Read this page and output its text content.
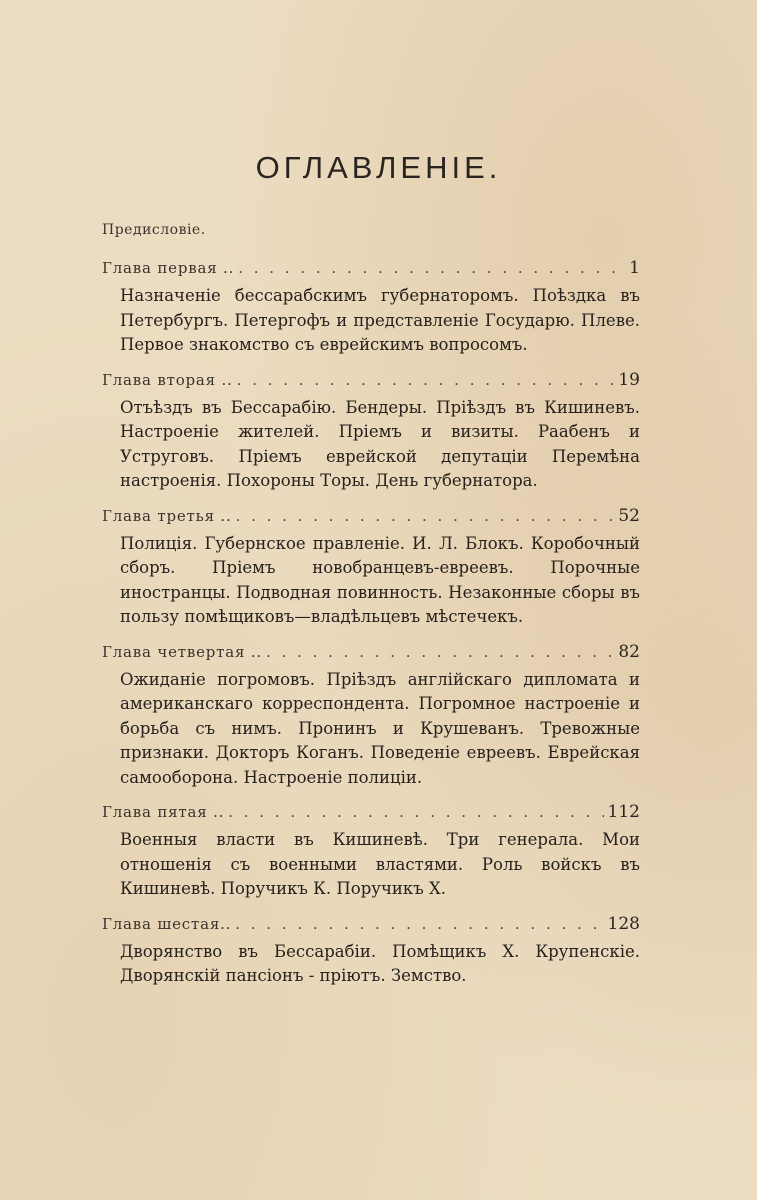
ОГЛАВЛЕНІЕ.
Предисловіе.
Глава первая .. . . .	1
Назначеніе бессарабскимъ губернаторомъ. Поѣздка въ Петербургъ. Петергофъ и представленіе Государю. Плеве. Первое знакомство съ еврейскимъ вопросомъ.
Глава вторая .. . . .	19
Отъѣздъ въ Бессарабію. Бендеры. Пріѣздъ въ Кишиневъ. Настроеніе жителей. Пріемъ и визиты. Раабенъ и Уструговъ. Пріемъ еврейской депутаціи Перемѣна настроенія. Похороны Торы. День губернатора.
Глава третья .. . . .	52
Полиція. Губернское правленіе. И. Л. Блокъ. Коробочный сборъ. Пріемъ новобранцевъ-евреевъ. Порочные иностранцы. Подводная повинность. Незаконные сборы въ пользу помѣщиковъ—владѣльцевъ мѣстечекъ.
Глава четвертая .. . . .	82
Ожиданіе погромовъ. Пріѣздъ англійскаго дипломата и американскаго корреспондента. Погромное настроеніе и борьба съ нимъ. Пронинъ и Крушеванъ. Тревожные признаки. Докторъ Коганъ. Поведеніе евреевъ. Еврейская самооборона. Настроеніе полиціи.
Глава пятая .. . . .	112
Военныя власти въ Кишиневѣ. Три генерала. Мои отношенія съ военными властями. Роль войскъ въ Кишиневѣ. Поручикъ К. Поручикъ Х.
Глава шестая.. . . .	128
Дворянство въ Бессарабіи. Помѣщикъ Х. Крупенскіе. Дворянскій пансіонъ - пріютъ. Земство.
